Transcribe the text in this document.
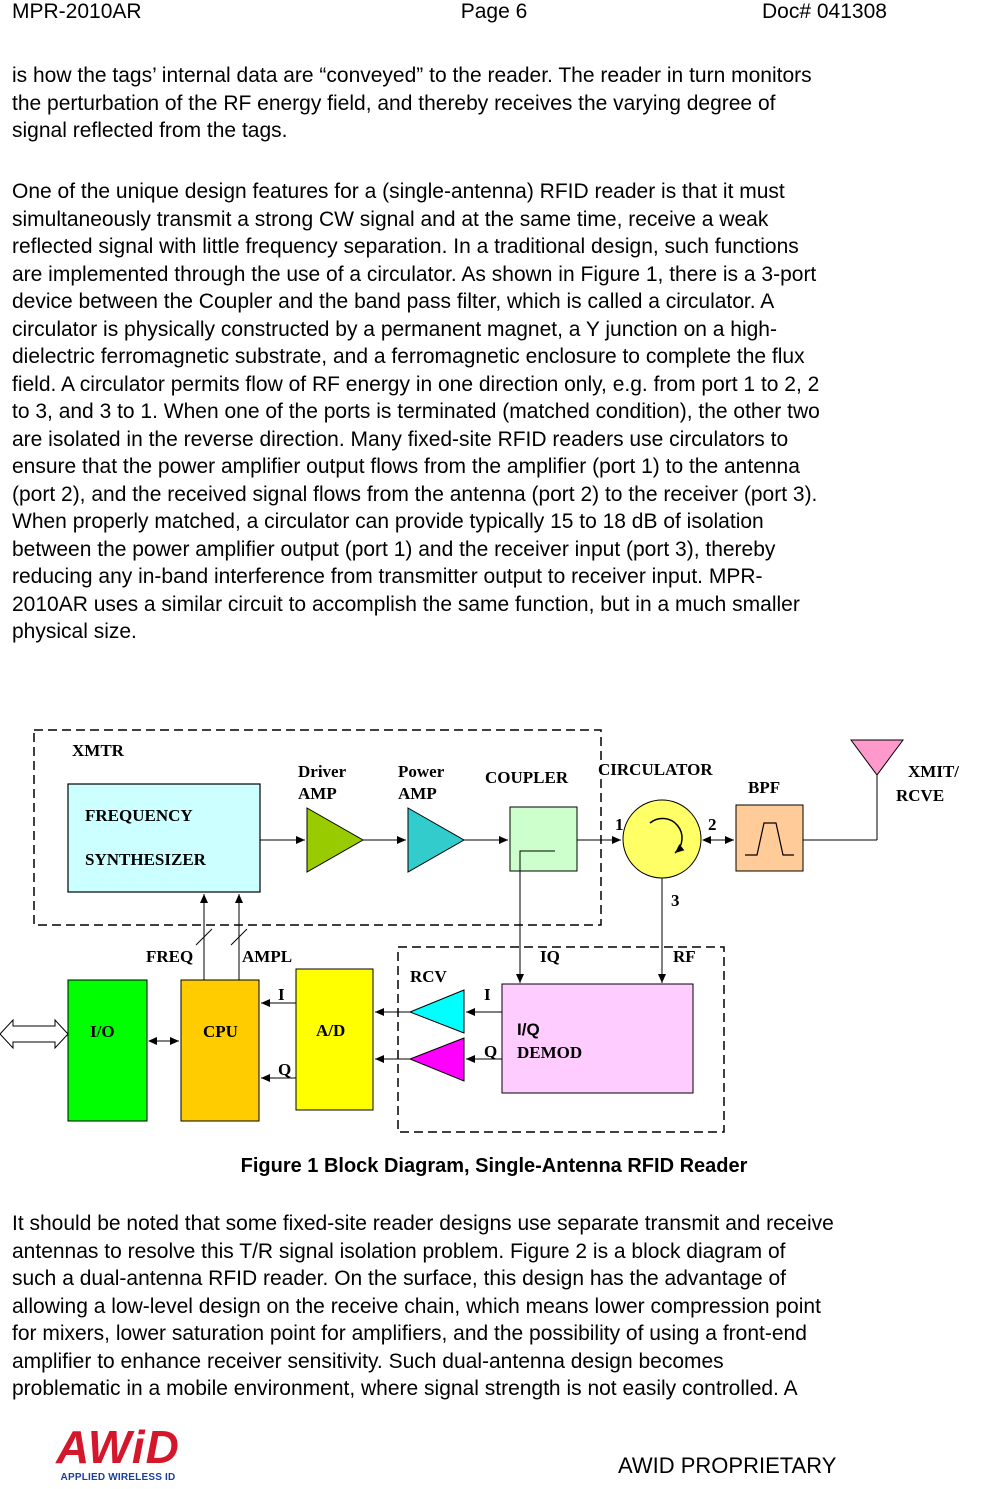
MPR-2010AR	Page 6	Doc# 041308

is how the tags’ internal data are “conveyed” to the reader. The reader in turn monitors
the perturbation of the RF energy field, and thereby receives the varying degree of
signal reflected from the tags.

One of the unique design features for a (single-antenna) RFID reader is that it must
simultaneously transmit a strong CW signal and at the same time, receive a weak
reflected signal with little frequency separation. In a traditional design, such functions
are implemented through the use of a circulator. As shown in Figure 1, there is a 3-port
device between the Coupler and the band pass filter, which is called a circulator. A
circulator is physically constructed by a permanent magnet, a Y junction on a high-
dielectric ferromagnetic substrate, and a ferromagnetic enclosure to complete the flux
field. A circulator permits flow of RF energy in one direction only, e.g. from port 1 to 2, 2
to 3, and 3 to 1. When one of the ports is terminated (matched condition), the other two
are isolated in the reverse direction. Many fixed-site RFID readers use circulators to
ensure that the power amplifier output flows from the amplifier (port 1) to the antenna
(port 2), and the received signal flows from the antenna (port 2) to the receiver (port 3).
When properly matched, a circulator can provide typically 15 to 18 dB of isolation
between the power amplifier output (port 1) and the receiver input (port 3), thereby
reducing any in-band interference from transmitter output to receiver input. MPR-
2010AR uses a similar circuit to accomplish the same function, but in a much smaller
physical size.

XMTR
FREQUENCY
SYNTHESIZER
Driver
AMP
Power
AMP
COUPLER CIRCULATOR
1	2
3
BPF
XMIT/
RCVE
FREQ	AMPL	IQ	RF
RCV
I/O	CPU	A/D
I
Q
I
Q
I/Q
DEMOD
Figure 1 Block Diagram, Single-Antenna RFID Reader

It should be noted that some fixed-site reader designs use separate transmit and receive
antennas to resolve this T/R signal isolation problem. Figure 2 is a block diagram of
such a dual-antenna RFID reader. On the surface, this design has the advantage of
allowing a low-level design on the receive chain, which means lower compression point
for mixers, lower saturation point for amplifiers, and the possibility of using a front-end
amplifier to enhance receiver sensitivity. Such dual-antenna design becomes
problematic in a mobile environment, where signal strength is not easily controlled. A

AWiD
APPLIED WIRELESS ID	AWID PROPRIETARY
